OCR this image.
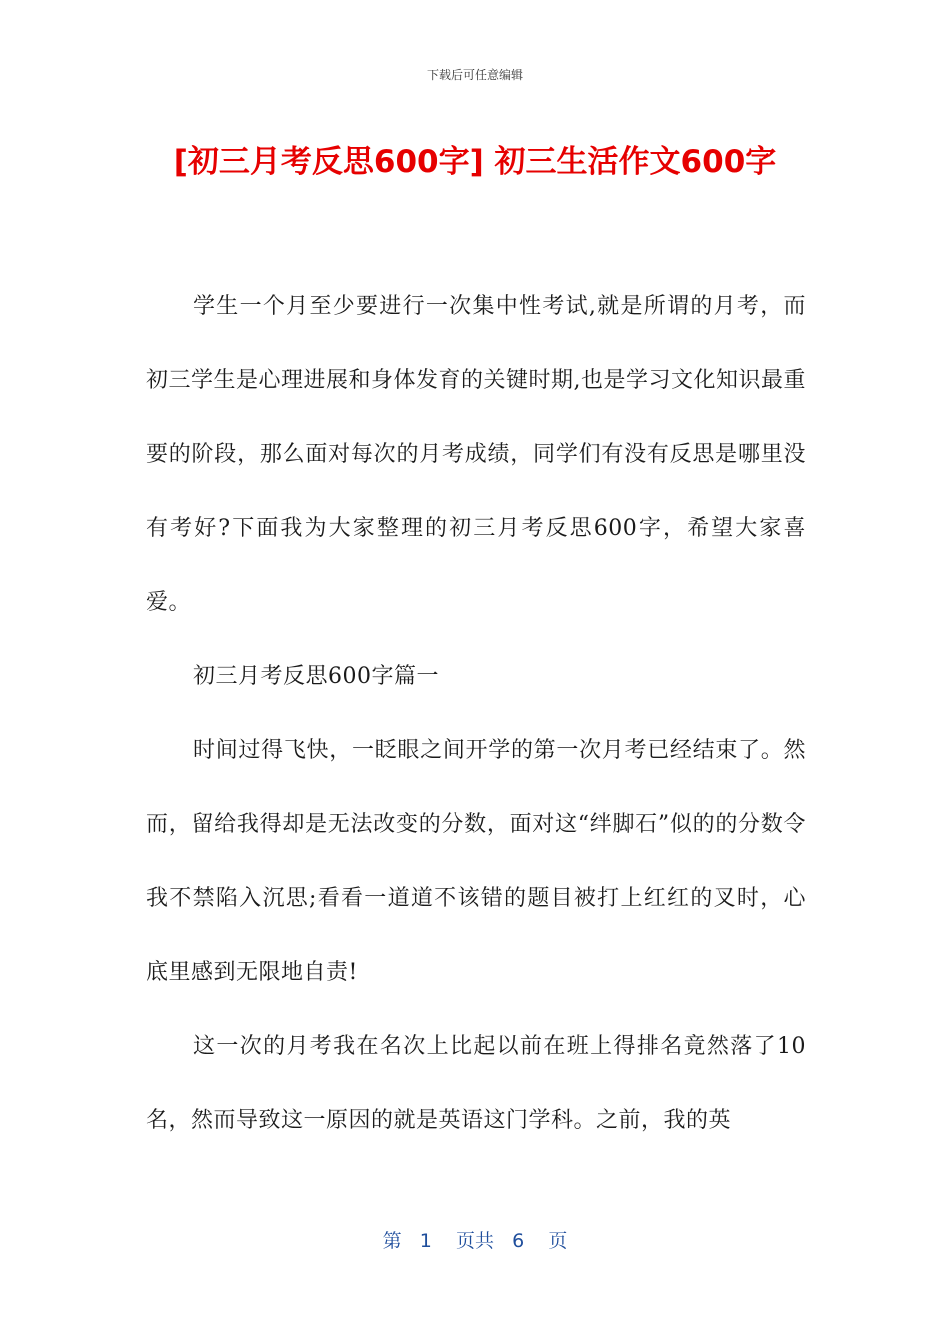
下载后可任意编辑
[初三月考反思600字] 初三生活作文600字

学生一个月至少要进行一次集中性考试,就是所谓的月考，而初三学生是心理进展和身体发育的关键时期,也是学习文化知识最重要的阶段，那么面对每次的月考成绩，同学们有没有反思是哪里没有考好?下面我为大家整理的初三月考反思600字，希望大家喜爱。

初三月考反思600字篇一

时间过得飞快，一眨眼之间开学的第一次月考已经结束了。然而，留给我得却是无法改变的分数，面对这“绊脚石”似的的分数令我不禁陷入沉思;看看一道道不该错的题目被打上红红的叉时，心底里感到无限地自责!

这一次的月考我在名次上比起以前在班上得排名竟然落了10名，然而导致这一原因的就是英语这门学科。之前，我的英

第 1 页共 6 页
